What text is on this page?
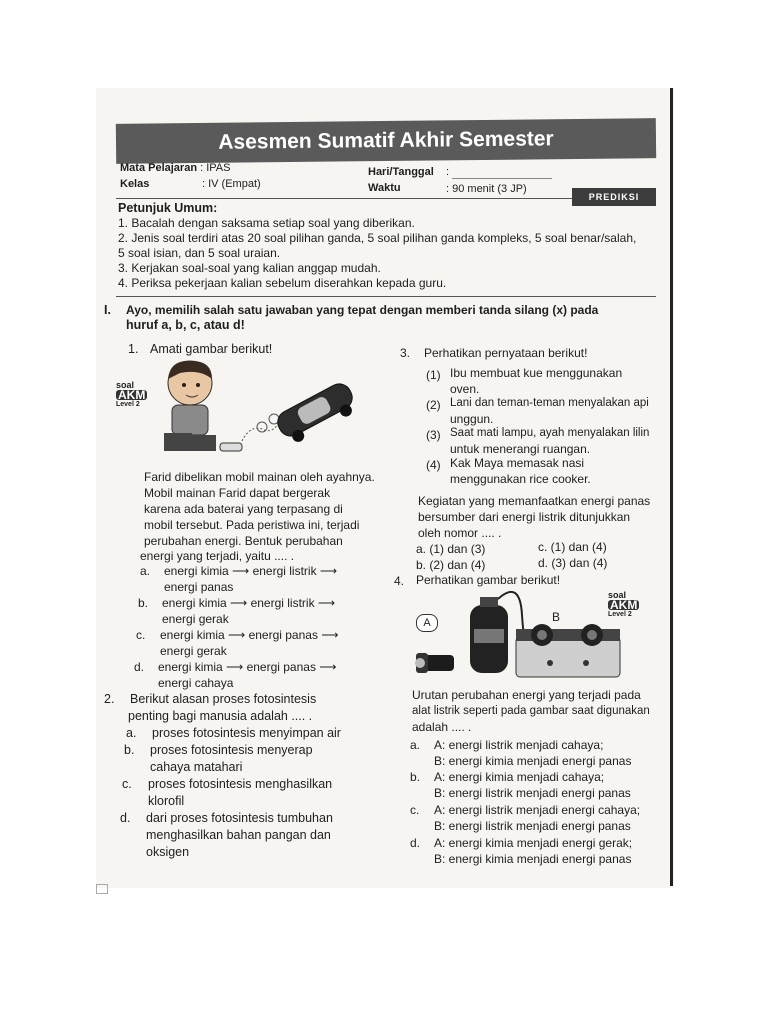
Asesmen Sumatif Akhir Semester
Mata Pelajaran : IPAS
Kelas	: IV (Empat)
Hari/Tanggal :
Waktu	: 90 menit (3 JP)
PREDIKSI
Petunjuk Umum:
1. Bacalah dengan saksama setiap soal yang diberikan.
2. Jenis soal terdiri atas 20 soal pilihan ganda, 5 soal pilihan ganda kompleks, 5 soal benar/salah,
5 soal isian, dan 5 soal uraian.
3. Kerjakan soal-soal yang kalian anggap mudah.
4. Periksa pekerjaan kalian sebelum diserahkan kepada guru.
I. Ayo, memilih salah satu jawaban yang tepat dengan memberi tanda silang (x) pada
huruf a, b, c, atau d!
1. Amati gambar berikut!
soal
AKM
Level 2
Farid dibelikan mobil mainan oleh ayahnya.
Mobil mainan Farid dapat bergerak
karena ada baterai yang terpasang di
mobil tersebut. Pada peristiwa ini, terjadi
perubahan energi. Bentuk perubahan
energi yang terjadi, yaitu .... .
a. energi kimia ⟶ energi listrik ⟶
energi panas
b. energi kimia ⟶ energi listrik ⟶
energi gerak
c. energi kimia ⟶ energi panas ⟶
energi gerak
d. energi kimia ⟶ energi panas ⟶
energi cahaya
2. Berikut alasan proses fotosintesis
penting bagi manusia adalah .... .
a. proses fotosintesis menyimpan air
b. proses fotosintesis menyerap
cahaya matahari
c. proses fotosintesis menghasilkan
klorofil
d. dari proses fotosintesis tumbuhan
menghasilkan bahan pangan dan
oksigen
3. Perhatikan pernyataan berikut!
(1) Ibu membuat kue menggunakan
oven.
(2) Lani dan teman-teman menyalakan api
unggun.
(3) Saat mati lampu, ayah menyalakan lilin
untuk menerangi ruangan.
(4) Kak Maya memasak nasi
menggunakan rice cooker.
Kegiatan yang memanfaatkan energi panas
bersumber dari energi listrik ditunjukkan
oleh nomor .... .
a. (1) dan (3)	c. (1) dan (4)
b. (2) dan (4)	d. (3) dan (4)
4. Perhatikan gambar berikut!
soal
AKM
Level 2
A	B
Urutan perubahan energi yang terjadi pada
alat listrik seperti pada gambar saat digunakan
adalah .... .
a. A: energi listrik menjadi cahaya;
B: energi kimia menjadi energi panas
b. A: energi kimia menjadi cahaya;
B: energi listrik menjadi energi panas
c. A: energi listrik menjadi energi cahaya;
B: energi listrik menjadi energi panas
d. A: energi kimia menjadi energi gerak;
B: energi kimia menjadi energi panas
